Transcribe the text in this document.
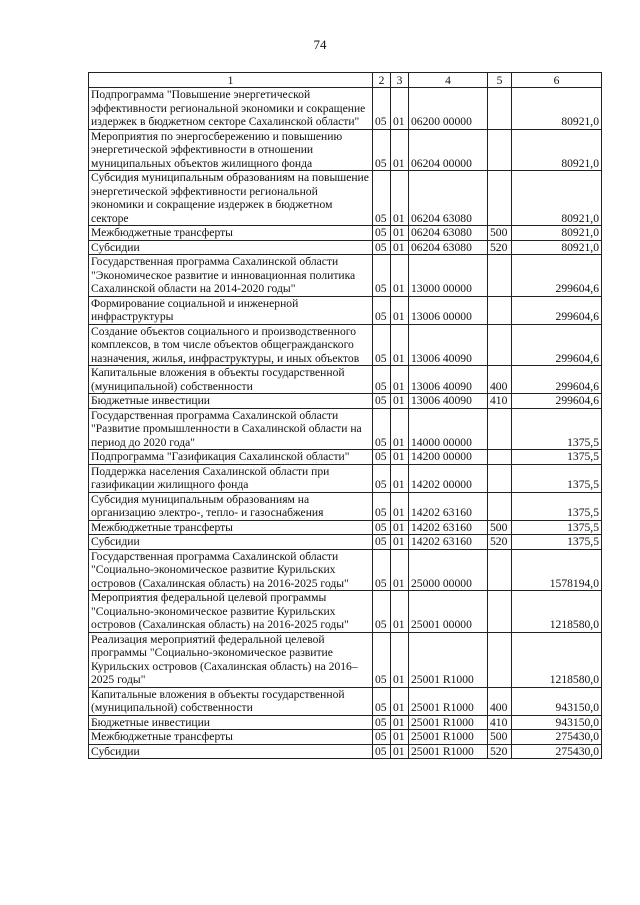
74
1	2	3	4	5	6
Подпрограмма "Повышение энергетической эффективности региональной экономики и сокращение издержек в бюджетном секторе Сахалинской области"	05	01	06200 00000		80921,0
Мероприятия по энергосбережению и повышению энергетической эффективности в отношении муниципальных объектов жилищного фонда	05	01	06204 00000		80921,0
Субсидия муниципальным образованиям на повышение энергетической эффективности региональной экономики и сокращение издержек в бюджетном секторе	05	01	06204 63080		80921,0
Межбюджетные трансферты	05	01	06204 63080	500	80921,0
Субсидии	05	01	06204 63080	520	80921,0
Государственная программа Сахалинской области "Экономическое развитие и инновационная политика Сахалинской области на 2014-2020 годы"	05	01	13000 00000		299604,6
Формирование социальной и инженерной инфраструктуры	05	01	13006 00000		299604,6
Создание объектов социального и производственного комплексов, в том числе объектов общегражданского назначения, жилья, инфраструктуры, и иных объектов	05	01	13006 40090		299604,6
Капитальные вложения в объекты государственной (муниципальной) собственности	05	01	13006 40090	400	299604,6
Бюджетные инвестиции	05	01	13006 40090	410	299604,6
Государственная программа Сахалинской области "Развитие промышленности в Сахалинской области на период до 2020 года"	05	01	14000 00000		1375,5
Подпрограмма "Газификация Сахалинской области"	05	01	14200 00000		1375,5
Поддержка населения Сахалинской области при газификации жилищного фонда	05	01	14202 00000		1375,5
Субсидия муниципальным образованиям на организацию электро-, тепло- и газоснабжения	05	01	14202 63160		1375,5
Межбюджетные трансферты	05	01	14202 63160	500	1375,5
Субсидии	05	01	14202 63160	520	1375,5
Государственная программа Сахалинской области "Социально-экономическое развитие Курильских островов (Сахалинская область) на 2016-2025 годы"	05	01	25000 00000		1578194,0
Мероприятия федеральной целевой программы "Социально-экономическое развитие Курильских островов (Сахалинская область) на 2016-2025 годы"	05	01	25001 00000		1218580,0
Реализация мероприятий федеральной целевой программы "Социально-экономическое развитие Курильских островов (Сахалинская область) на 2016–2025 годы"	05	01	25001 R1000		1218580,0
Капитальные вложения в объекты государственной (муниципальной) собственности	05	01	25001 R1000	400	943150,0
Бюджетные инвестиции	05	01	25001 R1000	410	943150,0
Межбюджетные трансферты	05	01	25001 R1000	500	275430,0
Субсидии	05	01	25001 R1000	520	275430,0
